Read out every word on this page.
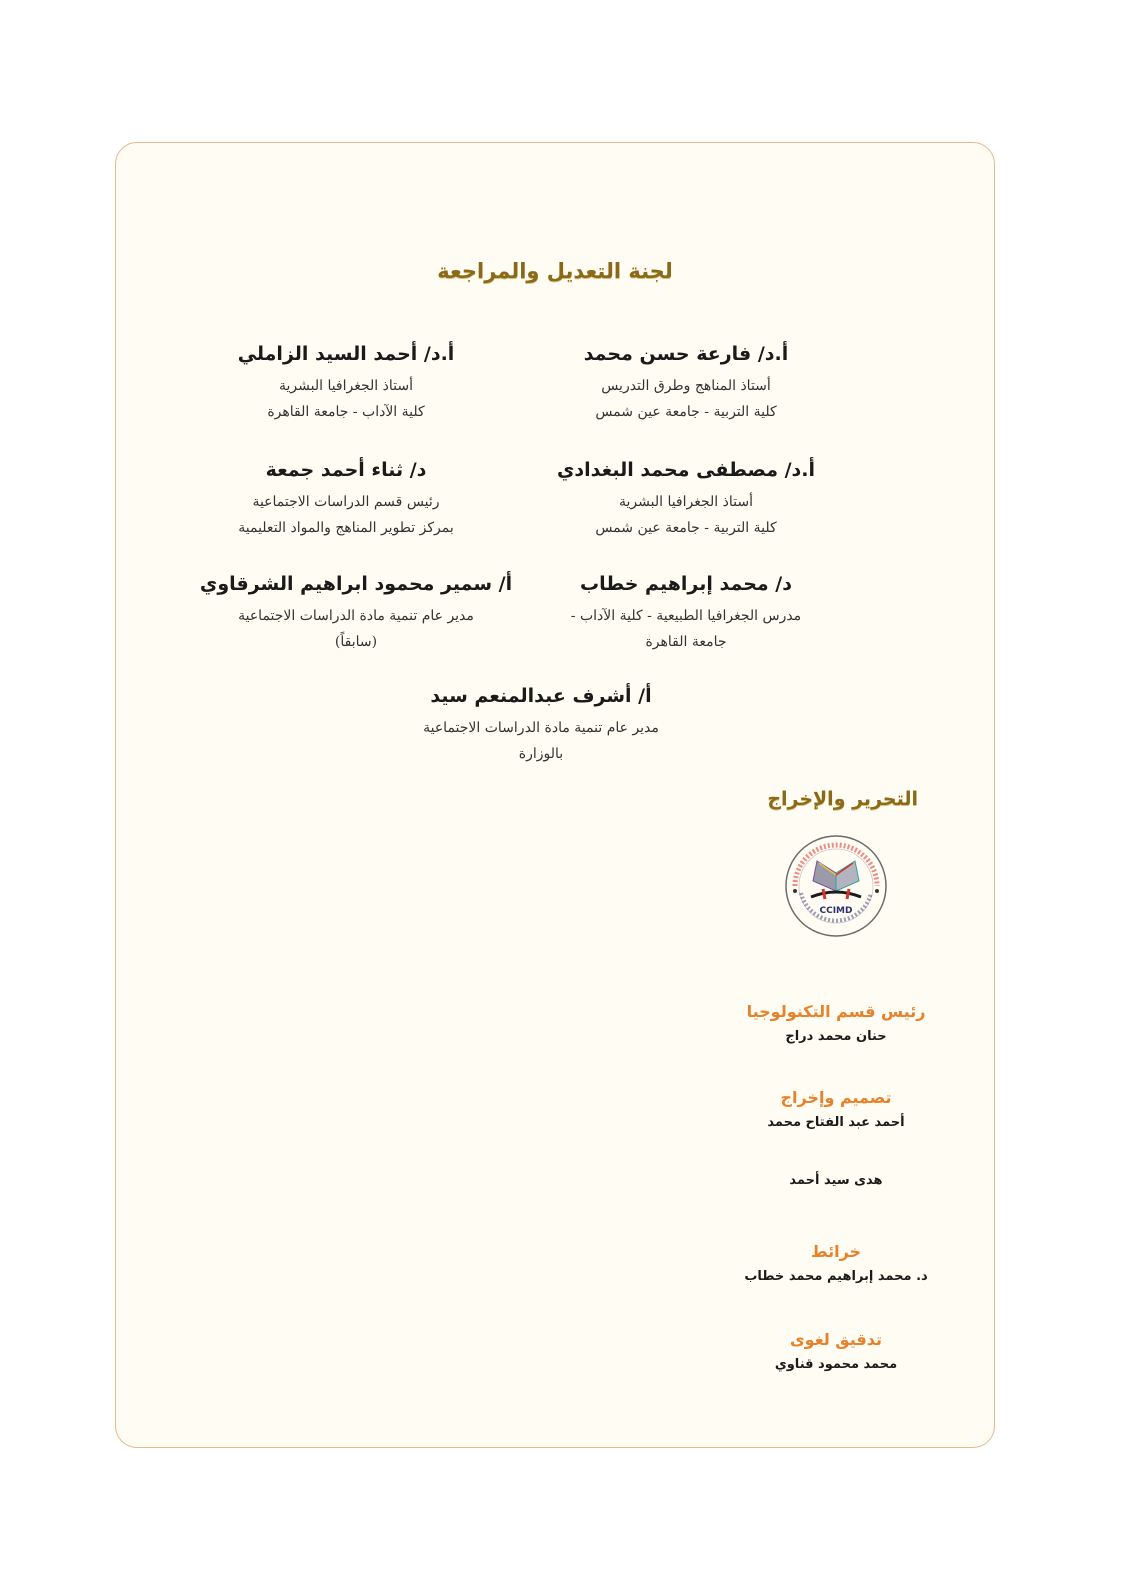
لجنة التعديل والمراجعة
أ.د/ فارعة حسن محمد
أستاذ المناهج وطرق التدريس
كلية التربية - جامعة عين شمس
أ.د/ أحمد السيد الزاملي
أستاذ الجغرافيا البشرية
كلية الآداب - جامعة القاهرة
أ.د/ مصطفى محمد البغدادي
أستاذ الجغرافيا البشرية
كلية التربية - جامعة عين شمس
د/ ثناء أحمد جمعة
رئيس قسم الدراسات الاجتماعية
بمركز تطوير المناهج والمواد التعليمية
د/ محمد إبراهيم خطاب
مدرس الجغرافيا الطبيعية - كلية الآداب -
جامعة القاهرة
أ/ سمير محمود ابراهيم الشرقاوي
مدير عام تنمية مادة الدراسات الاجتماعية
(سابقاً)
أ/ أشرف عبدالمنعم سيد
مدير عام تنمية مادة الدراسات الاجتماعية
بالوزارة
التحرير والإخراج
CCIMD
رئيس قسم التكنولوجيا
حنان محمد دراج
تصميم وإخراج
أحمد عبد الفتاح محمد
هدى سيد أحمد
خرائط
د. محمد إبراهيم محمد خطاب
تدقيق لغوى
محمد محمود قناوي
